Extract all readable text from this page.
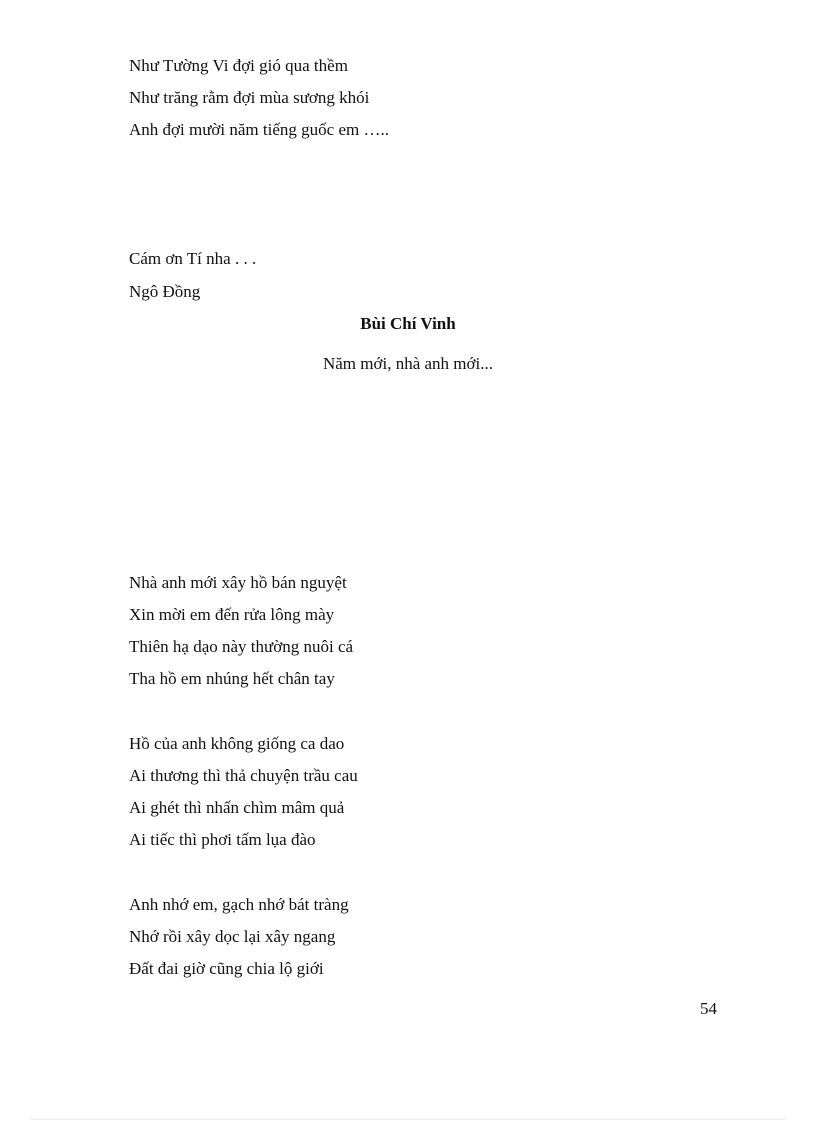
Như Tường Vi đợi gió qua thềm
Như trăng rằm đợi mùa sương khói
Anh đợi mười năm tiếng guốc em …..
Cám ơn Tí nha . . .
Ngô Đồng
Bùi Chí Vinh
Năm mới, nhà anh mới...
Nhà anh mới xây hồ bán nguyệt
Xin mời em đến rửa lông mày
Thiên hạ dạo này thường nuôi cá
Tha hồ em nhúng hết chân tay
Hồ của anh không giống ca dao
Ai thương thì thả chuyện trầu cau
Ai ghét thì nhấn chìm mâm quả
Ai tiếc thì phơi tấm lụa đào
Anh nhớ em, gạch nhớ bát tràng
Nhớ rồi xây dọc lại xây ngang
Đất đai giờ cũng chia lộ giới
54
